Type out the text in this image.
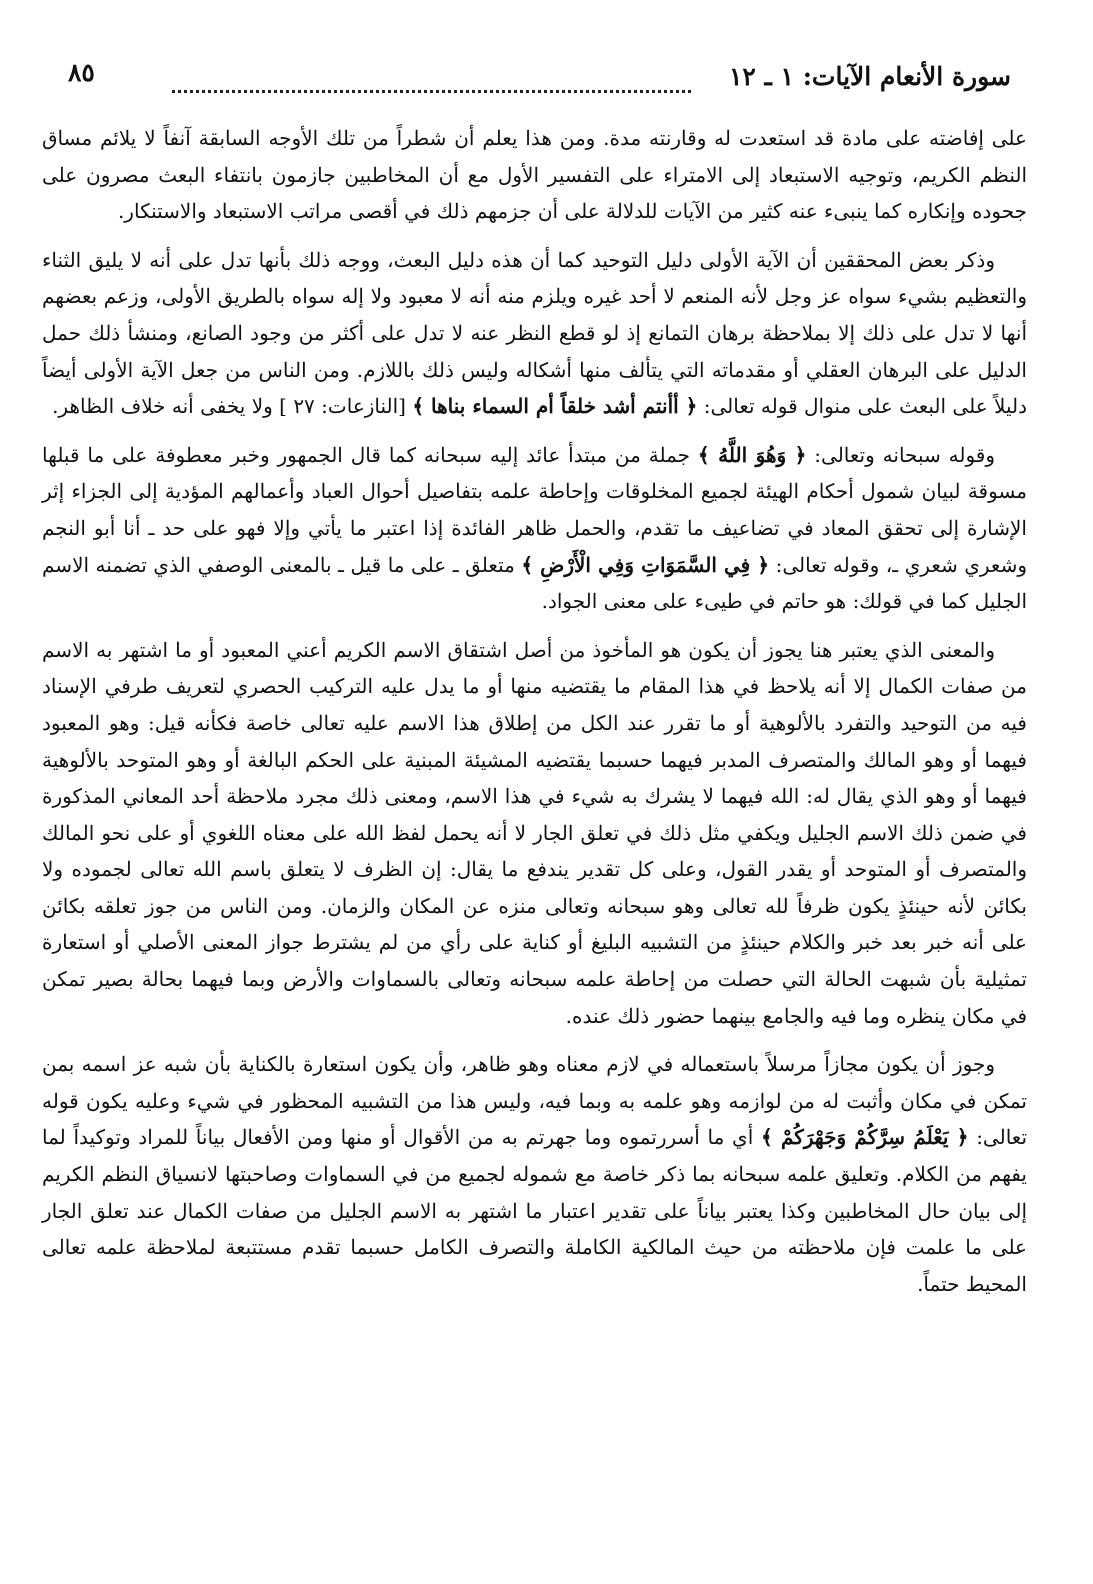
سورة الأنعام الآيات: ١ ـ ١٢
٨٥

على إفاضته على مادة قد استعدت له وقارنته مدة. ومن هذا يعلم أن شطراً من تلك الأوجه السابقة آنفاً لا يلائم مساق النظم الكريم، وتوجيه الاستبعاد إلى الامتراء على التفسير الأول مع أن المخاطبين جازمون بانتفاء البعث مصرون على جحوده وإنكاره كما ينبىء عنه كثير من الآيات للدلالة على أن جزمهم ذلك في أقصى مراتب الاستبعاد والاستنكار.

وذكر بعض المحققين أن الآية الأولى دليل التوحيد كما أن هذه دليل البعث، ووجه ذلك بأنها تدل على أنه لا يليق الثناء والتعظيم بشيء سواه عز وجل لأنه المنعم لا أحد غيره ويلزم منه أنه لا معبود ولا إله سواه بالطريق الأولى، وزعم بعضهم أنها لا تدل على ذلك إلا بملاحظة برهان التمانع إذ لو قطع النظر عنه لا تدل على أكثر من وجود الصانع، ومنشأ ذلك حمل الدليل على البرهان العقلي أو مقدماته التي يتألف منها أشكاله وليس ذلك باللازم. ومن الناس من جعل الآية الأولى أيضاً دليلاً على البعث على منوال قوله تعالى: ﴿ أأنتم أشد خلقاً أم السماء بناها ﴾ [النازعات: ٢٧ ] ولا يخفى أنه خلاف الظاهر.

وقوله سبحانه وتعالى: ﴿ وَهُوَ اللَّهُ ﴾ جملة من مبتدأ عائد إليه سبحانه كما قال الجمهور وخبر معطوفة على ما قبلها مسوقة لبيان شمول أحكام الهيئة لجميع المخلوقات وإحاطة علمه بتفاصيل أحوال العباد وأعمالهم المؤدية إلى الجزاء إثر الإشارة إلى تحقق المعاد في تضاعيف ما تقدم، والحمل ظاهر الفائدة إذا اعتبر ما يأتي وإلا فهو على حد ـ أنا أبو النجم وشعري شعري ـ، وقوله تعالى: ﴿ فِي السَّمَوَاتِ وَفِي الْأَرْضِ ﴾ متعلق ـ على ما قيل ـ بالمعنى الوصفي الذي تضمنه الاسم الجليل كما في قولك: هو حاتم في طيىء على معنى الجواد.

والمعنى الذي يعتبر هنا يجوز أن يكون هو المأخوذ من أصل اشتقاق الاسم الكريم أعني المعبود أو ما اشتهر به الاسم من صفات الكمال إلا أنه يلاحظ في هذا المقام ما يقتضيه منها أو ما يدل عليه التركيب الحصري لتعريف طرفي الإسناد فيه من التوحيد والتفرد بالألوهية أو ما تقرر عند الكل من إطلاق هذا الاسم عليه تعالى خاصة فكأنه قيل: وهو المعبود فيهما أو وهو المالك والمتصرف المدبر فيهما حسبما يقتضيه المشيئة المبنية على الحكم البالغة أو وهو المتوحد بالألوهية فيهما أو وهو الذي يقال له: الله فيهما لا يشرك به شيء في هذا الاسم، ومعنى ذلك مجرد ملاحظة أحد المعاني المذكورة في ضمن ذلك الاسم الجليل ويكفي مثل ذلك في تعلق الجار لا أنه يحمل لفظ الله على معناه اللغوي أو على نحو المالك والمتصرف أو المتوحد أو يقدر القول، وعلى كل تقدير يندفع ما يقال: إن الظرف لا يتعلق باسم الله تعالى لجموده ولا بكائن لأنه حينئذٍ يكون ظرفاً لله تعالى وهو سبحانه وتعالى منزه عن المكان والزمان. ومن الناس من جوز تعلقه بكائن على أنه خبر بعد خبر والكلام حينئذٍ من التشبيه البليغ أو كناية على رأي من لم يشترط جواز المعنى الأصلي أو استعارة تمثيلية بأن شبهت الحالة التي حصلت من إحاطة علمه سبحانه وتعالى بالسماوات والأرض وبما فيهما بحالة بصير تمكن في مكان ينظره وما فيه والجامع بينهما حضور ذلك عنده.

وجوز أن يكون مجازاً مرسلاً باستعماله في لازم معناه وهو ظاهر، وأن يكون استعارة بالكناية بأن شبه عز اسمه بمن تمكن في مكان وأثبت له من لوازمه وهو علمه به وبما فيه، وليس هذا من التشبيه المحظور في شيء وعليه يكون قوله تعالى: ﴿ يَعْلَمُ سِرَّكُمْ وَجَهْرَكُمْ ﴾ أي ما أسررتموه وما جهرتم به من الأقوال أو منها ومن الأفعال بياناً للمراد وتوكيداً لما يفهم من الكلام. وتعليق علمه سبحانه بما ذكر خاصة مع شموله لجميع من في السماوات وصاحبتها لانسياق النظم الكريم إلى بيان حال المخاطبين وكذا يعتبر بياناً على تقدير اعتبار ما اشتهر به الاسم الجليل من صفات الكمال عند تعلق الجار على ما علمت فإن ملاحظته من حيث المالكية الكاملة والتصرف الكامل حسبما تقدم مستتبعة لملاحظة علمه تعالى المحيط حتماً.
